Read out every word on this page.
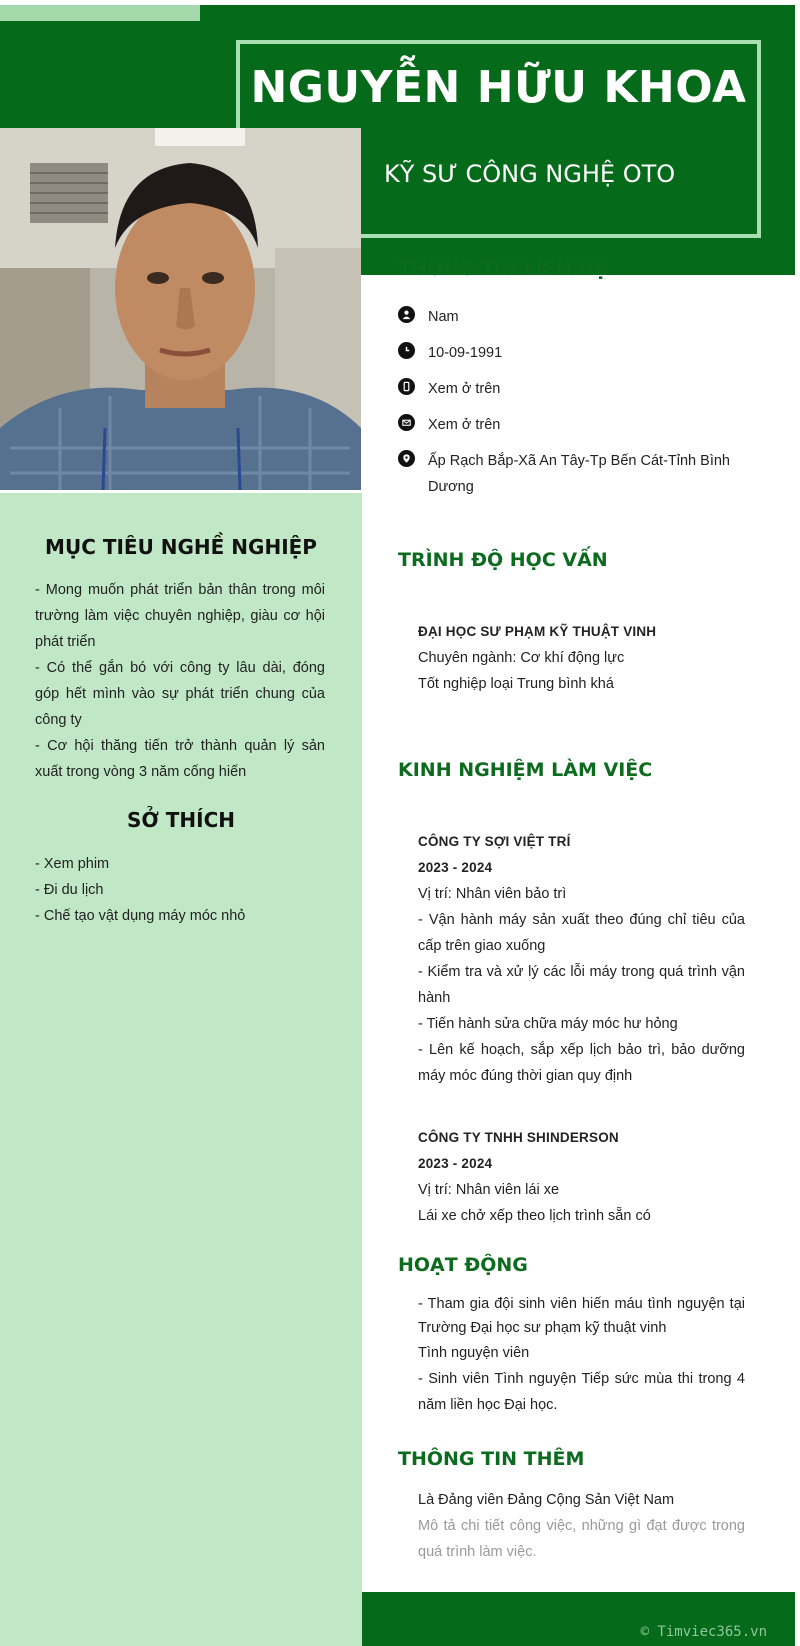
NGUYỄN HỮU KHOA
KỸ SƯ CÔNG NGHỆ OTO
THÔNG TIN LIÊN HỆ
Nam
10-09-1991
Xem ở trên
Xem ở trên
Ấp Rạch Bắp-Xã An Tây-Tp Bến Cát-Tỉnh Bình Dương
MỤC TIÊU NGHỀ NGHIỆP
- Mong muốn phát triển bản thân trong môi trường làm việc chuyên nghiệp, giàu cơ hội phát triển
- Có thể gắn bó với công ty lâu dài, đóng góp hết mình vào sự phát triển chung của công ty
- Cơ hội thăng tiến trở thành quản lý sản xuất trong vòng 3 năm cống hiến
SỞ THÍCH
- Xem phim
- Đi du lịch
- Chế tạo vật dụng máy móc nhỏ
TRÌNH ĐỘ HỌC VẤN
ĐẠI HỌC SƯ PHẠM KỸ THUẬT VINH
Chuyên ngành: Cơ khí động lực
Tốt nghiệp loại Trung bình khá
KINH NGHIỆM LÀM VIỆC
CÔNG TY SỢI VIỆT TRÍ
2023 - 2024
Vị trí: Nhân viên bảo trì
- Vận hành máy sản xuất theo đúng chỉ tiêu của cấp trên giao xuống
- Kiểm tra và xử lý các lỗi máy trong quá trình vận hành
- Tiến hành sửa chữa máy móc hư hỏng
- Lên kế hoạch, sắp xếp lịch bảo trì, bảo dưỡng máy móc đúng thời gian quy định
CÔNG TY TNHH SHINDERSON
2023 - 2024
Vị trí: Nhân viên lái xe
Lái xe chở xếp theo lịch trình sẵn có
HOẠT ĐỘNG
- Tham gia đội sinh viên hiến máu tình nguyện tại Trường Đại học sư phạm kỹ thuật vinh
Tình nguyện viên
- Sinh viên Tình nguyện Tiếp sức mùa thi trong 4 năm liền học Đại học.
THÔNG TIN THÊM
Là Đảng viên Đảng Cộng Sản Việt Nam
Mô tả chi tiết công việc, những gì đạt được trong quá trình làm việc.
© Timviec365.vn
